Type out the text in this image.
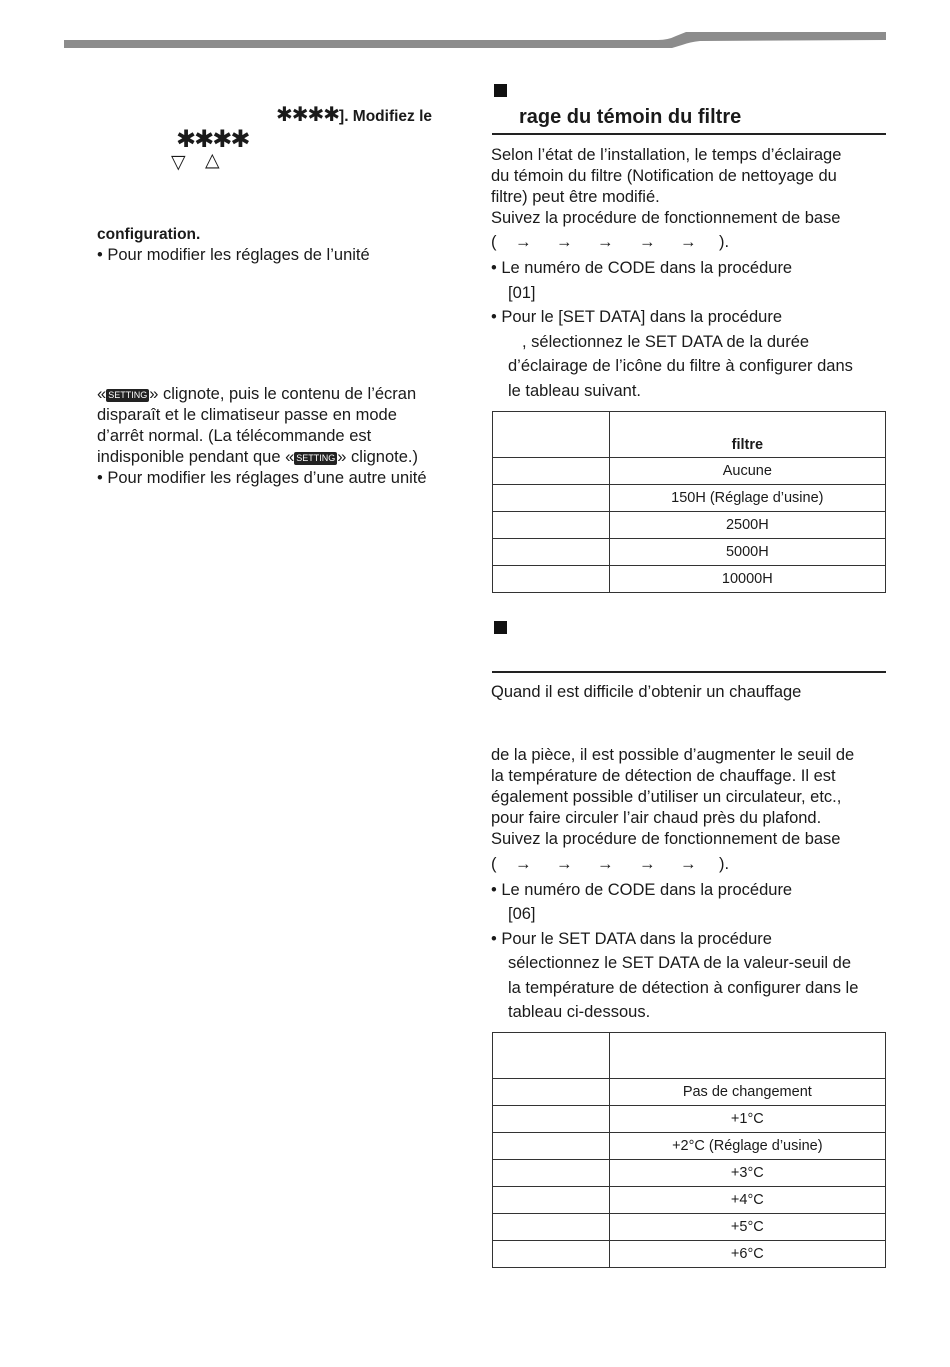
✱✱✱✱]. Modifiez le
✱✱✱✱
▽ △
configuration.
• Pour modifier les réglages de l’unité
« SETTING » clignote, puis le contenu de l’écran
disparaît et le climatiseur passe en mode
d’arrêt normal. (La télécommande est
indisponible pendant que « SETTING » clignote.)
• Pour modifier les réglages d’une autre unité
rage du témoin du filtre
Selon l’état de l’installation, le temps d’éclairage
du témoin du filtre (Notification de nettoyage du
filtre) peut être modifié.
Suivez la procédure de fonctionnement de base
( → → → → → ).
• Le numéro de CODE dans la procédure
[01]
• Pour le [SET DATA] dans la procédure
, sélectionnez le SET DATA de la durée
d’éclairage de l’icône du filtre à configurer dans
le tableau suivant.
	filtre
	Aucune
	150H (Réglage d’usine)
	2500H
	5000H
	10000H
Quand il est difficile d’obtenir un chauffage
de la pièce, il est possible d’augmenter le seuil de
la température de détection de chauffage. Il est
également possible d’utiliser un circulateur, etc.,
pour faire circuler l’air chaud près du plafond.
Suivez la procédure de fonctionnement de base
( → → → → → ).
• Le numéro de CODE dans la procédure
[06]
• Pour le SET DATA dans la procédure
sélectionnez le SET DATA de la valeur-seuil de
la température de détection à configurer dans le
tableau ci-dessous.

	Pas de changement
	+1°C
	+2°C (Réglage d’usine)
	+3°C
	+4°C
	+5°C
	+6°C
